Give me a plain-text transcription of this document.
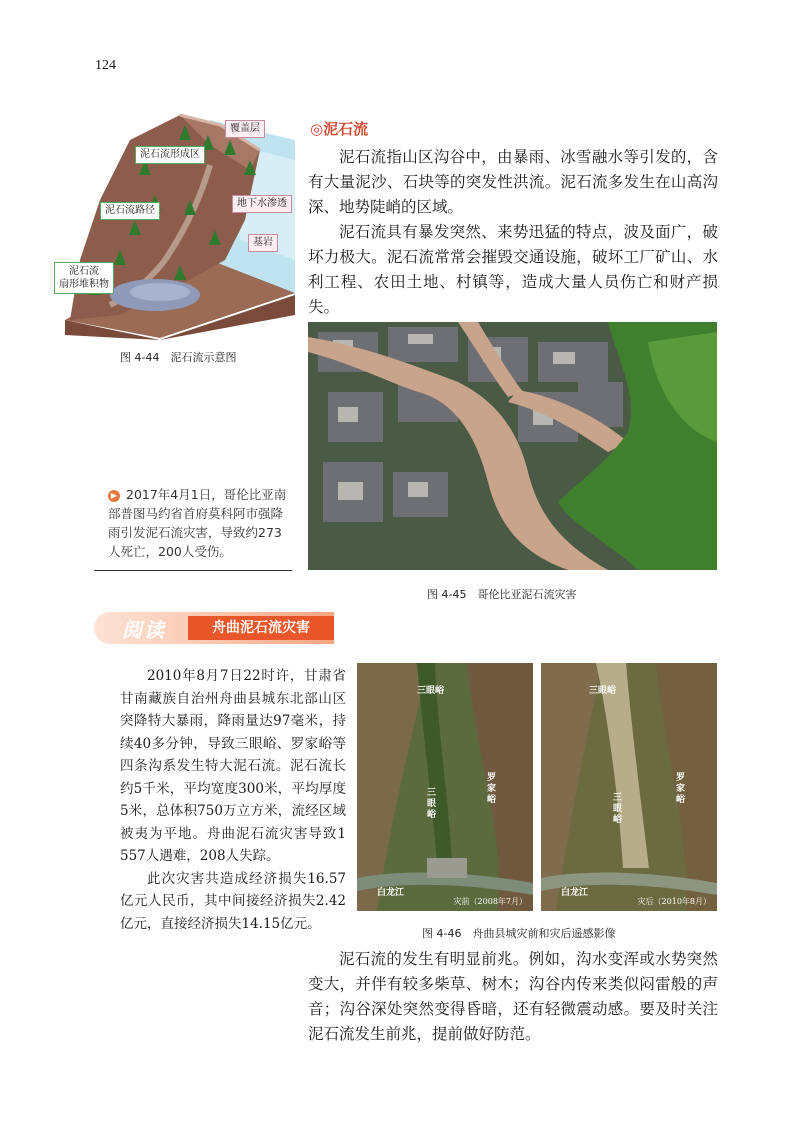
124
覆盖层
泥石流形成区
泥石流路径
地下水渗透
基岩
泥石流
扇形堆积物
图 4-44　泥石流示意图
◎泥石流

泥石流指山区沟谷中，由暴雨、冰雪融水等引发的，含有大量泥沙、石块等的突发性洪流。泥石流多发生在山高沟深、地势陡峭的区域。

泥石流具有暴发突然、来势迅猛的特点，波及面广，破坏力极大。泥石流常常会摧毁交通设施，破坏工厂矿山、水利工程、农田土地、村镇等，造成大量人员伤亡和财产损失。

图 4-45　哥伦比亚泥石流灾害
▶ 2017年4月1日，哥伦比亚南部普图马约省首府莫科阿市强降雨引发泥石流灾害，导致约273人死亡，200人受伤。
阅读	舟曲泥石流灾害

2010年8月7日22时许，甘肃省甘南藏族自治州舟曲县城东北部山区突降特大暴雨，降雨量达97毫米，持续40多分钟，导致三眼峪、罗家峪等四条沟系发生特大泥石流。泥石流长约5千米，平均宽度300米，平均厚度5米，总体积750万立方米，流经区域被夷为平地。舟曲泥石流灾害导致1 557人遇难，208人失踪。

此次灾害共造成经济损失16.57亿元人民币，其中间接经济损失2.42亿元，直接经济损失14.15亿元。

三眼峪
三眼峪
罗家峪
白龙江
灾前（2008年7月）
三眼峪
三眼峪
罗家峪
白龙江
灾后（2010年8月）
图 4-46　舟曲县城灾前和灾后遥感影像

泥石流的发生有明显前兆。例如，沟水变浑或水势突然变大，并伴有较多柴草、树木；沟谷内传来类似闷雷般的声音；沟谷深处突然变得昏暗，还有轻微震动感。要及时关注泥石流发生前兆，提前做好防范。
